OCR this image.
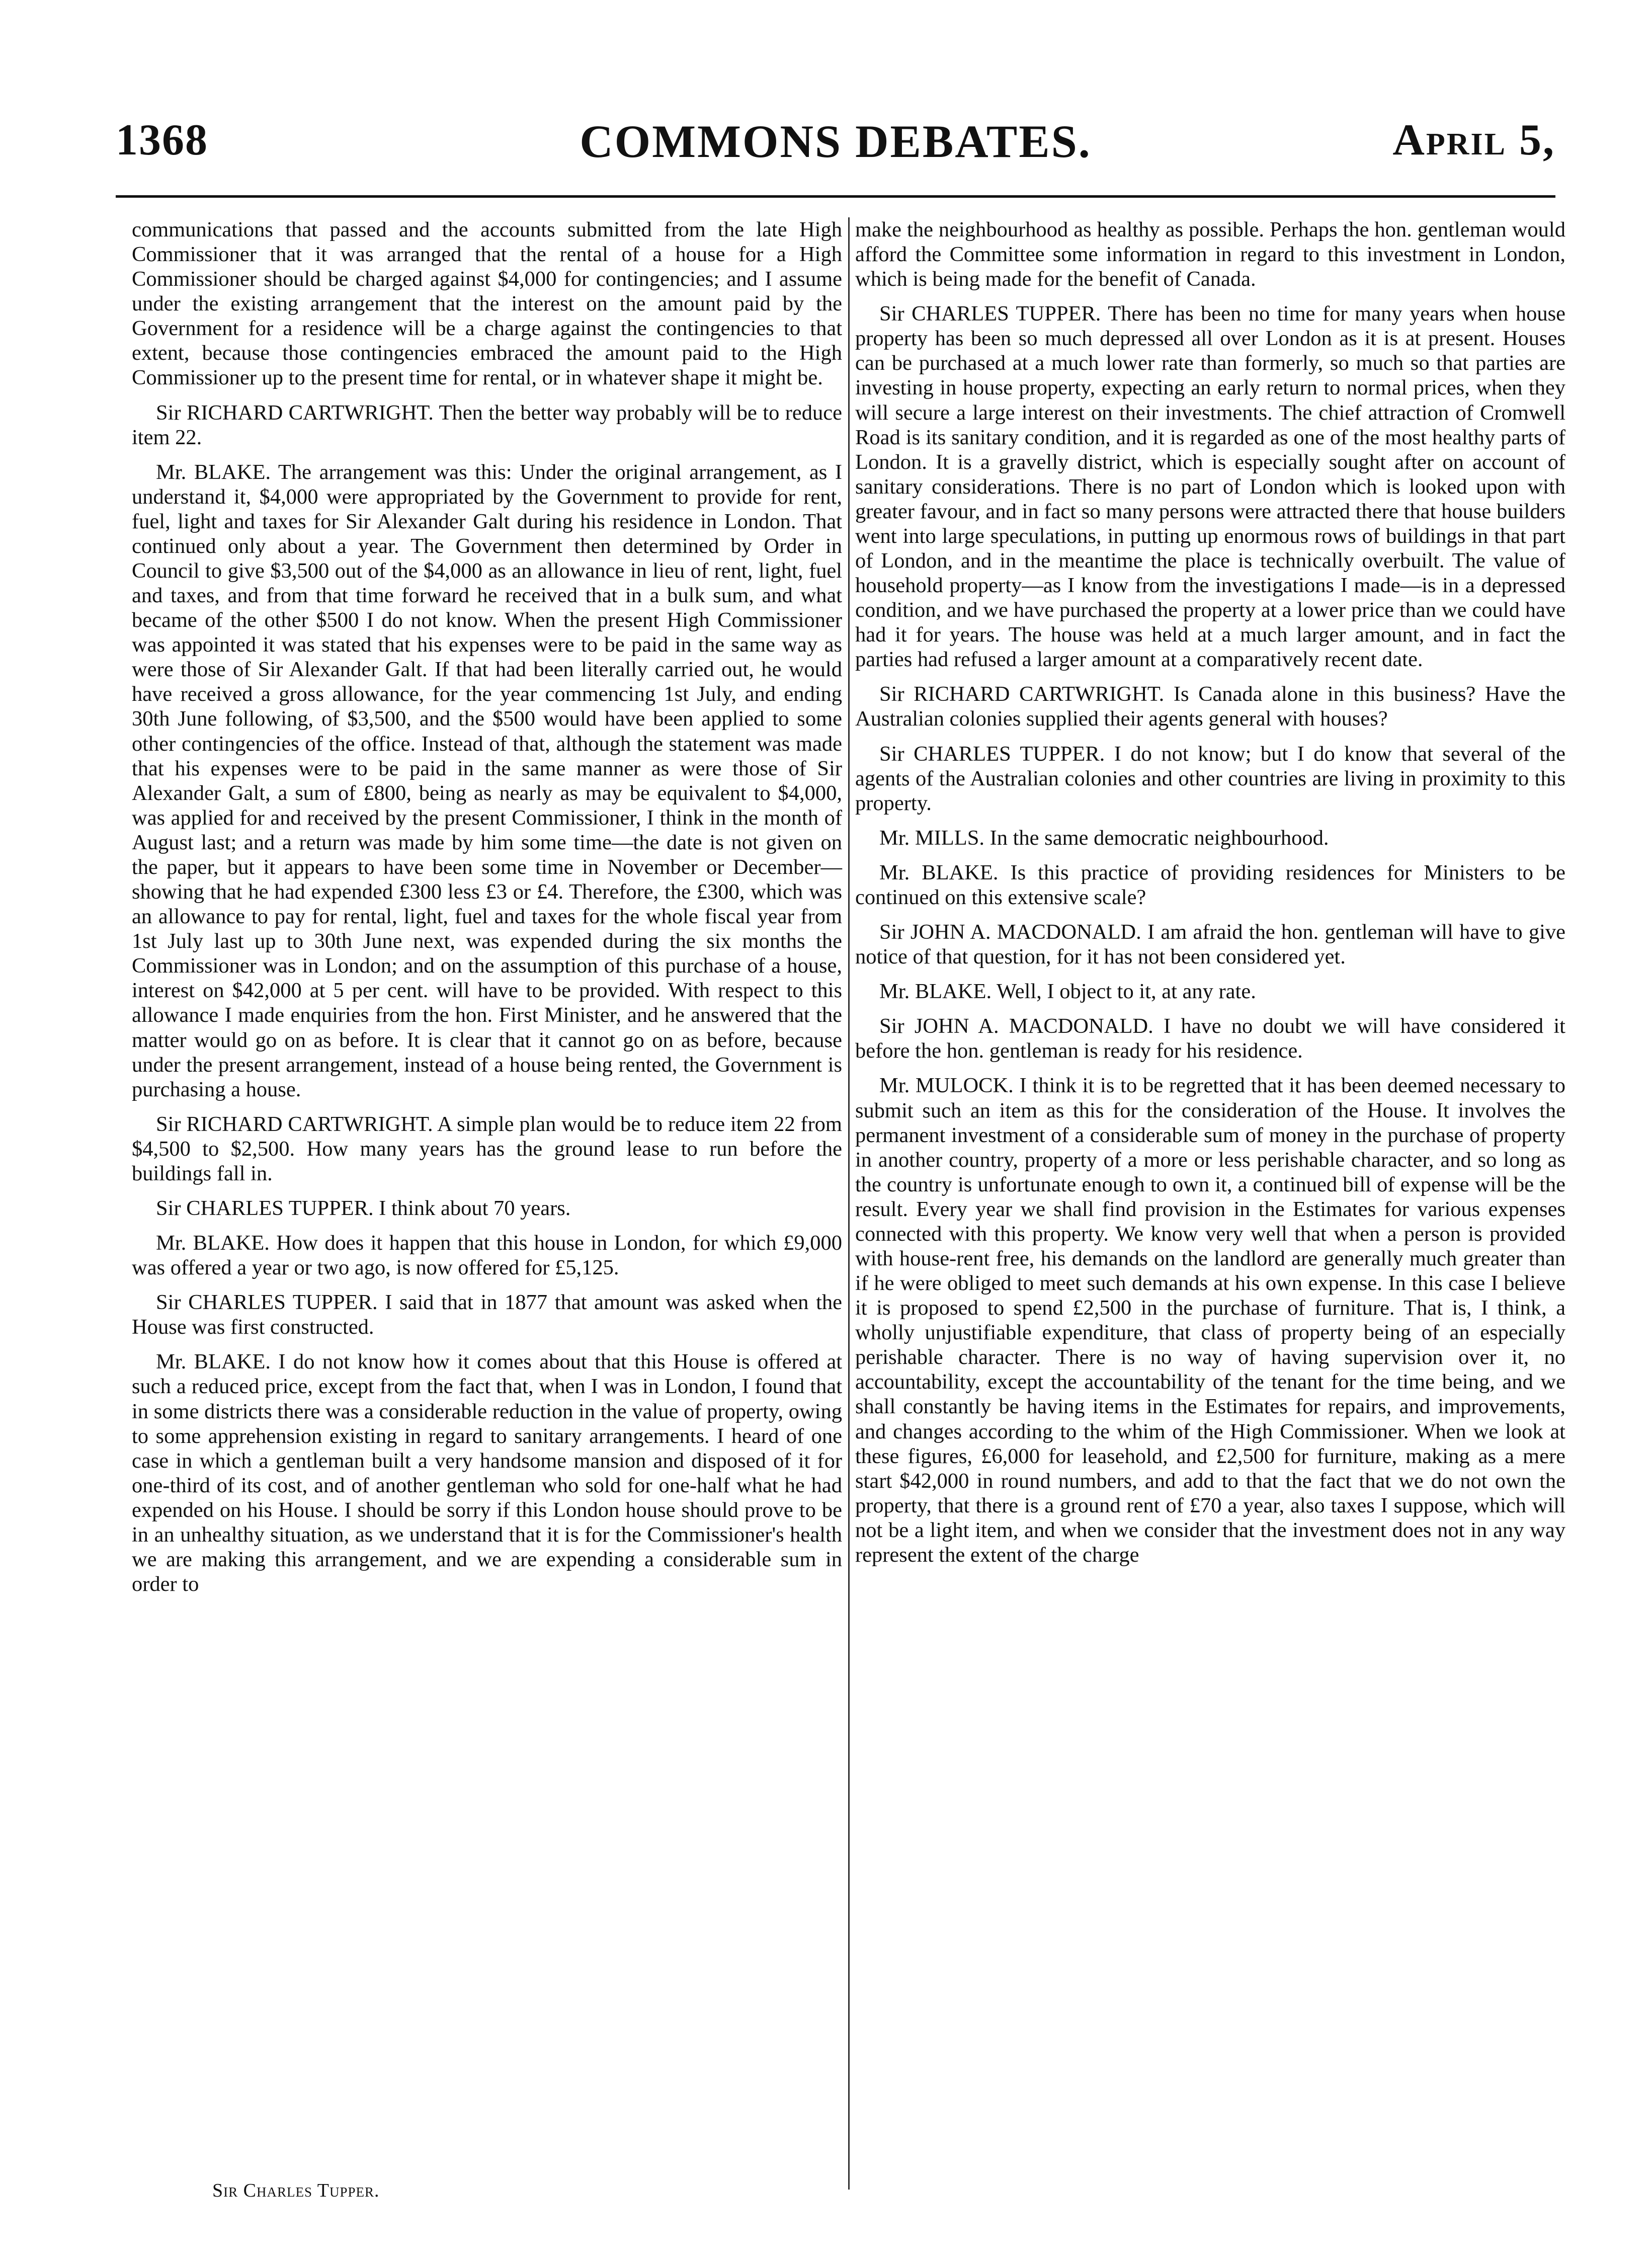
1368	COMMONS DEBATES.	April 5,

communications that passed and the accounts submitted from the late High Commissioner that it was arranged that the rental of a house for a High Commissioner should be charged against $4,000 for contingencies; and I assume under the existing arrangement that the interest on the amount paid by the Government for a residence will be a charge against the contingencies to that extent, because those contingencies embraced the amount paid to the High Commissioner up to the present time for rental, or in whatever shape it might be.

Sir RICHARD CARTWRIGHT. Then the better way probably will be to reduce item 22.

Mr. BLAKE. The arrangement was this: Under the original arrangement, as I understand it, $4,000 were appropriated by the Government to provide for rent, fuel, light and taxes for Sir Alexander Galt during his residence in London. That continued only about a year. The Government then determined by Order in Council to give $3,500 out of the $4,000 as an allowance in lieu of rent, light, fuel and taxes, and from that time forward he received that in a bulk sum, and what became of the other $500 I do not know. When the present High Commissioner was appointed it was stated that his expenses were to be paid in the same way as were those of Sir Alexander Galt. If that had been literally carried out, he would have received a gross allowance, for the year commencing 1st July, and ending 30th June following, of $3,500, and the $500 would have been applied to some other contingencies of the office. Instead of that, although the statement was made that his expenses were to be paid in the same manner as were those of Sir Alexander Galt, a sum of £800, being as nearly as may be equivalent to $4,000, was applied for and received by the present Commissioner, I think in the month of August last; and a return was made by him some time—the date is not given on the paper, but it appears to have been some time in November or December—showing that he had expended £300 less £3 or £4. Therefore, the £300, which was an allowance to pay for rental, light, fuel and taxes for the whole fiscal year from 1st July last up to 30th June next, was expended during the six months the Commissioner was in London; and on the assumption of this purchase of a house, interest on $42,000 at 5 per cent. will have to be provided. With respect to this allowance I made enquiries from the hon. First Minister, and he answered that the matter would go on as before. It is clear that it cannot go on as before, because under the present arrangement, instead of a house being rented, the Government is purchasing a house.

Sir RICHARD CARTWRIGHT. A simple plan would be to reduce item 22 from $4,500 to $2,500. How many years has the ground lease to run before the buildings fall in.

Sir CHARLES TUPPER. I think about 70 years.

Mr. BLAKE. How does it happen that this house in London, for which £9,000 was offered a year or two ago, is now offered for £5,125.

Sir CHARLES TUPPER. I said that in 1877 that amount was asked when the House was first constructed.

Mr. BLAKE. I do not know how it comes about that this House is offered at such a reduced price, except from the fact that, when I was in London, I found that in some districts there was a considerable reduction in the value of property, owing to some apprehension existing in regard to sanitary arrangements. I heard of one case in which a gentleman built a very handsome mansion and disposed of it for one-third of its cost, and of another gentleman who sold for one-half what he had expended on his House. I should be sorry if this London house should prove to be in an unhealthy situation, as we understand that it is for the Commissioner's health we are making this arrangement, and we are expending a considerable sum in order to

make the neighbourhood as healthy as possible. Perhaps the hon. gentleman would afford the Committee some information in regard to this investment in London, which is being made for the benefit of Canada.

Sir CHARLES TUPPER. There has been no time for many years when house property has been so much depressed all over London as it is at present. Houses can be purchased at a much lower rate than formerly, so much so that parties are investing in house property, expecting an early return to normal prices, when they will secure a large interest on their investments. The chief attraction of Cromwell Road is its sanitary condition, and it is regarded as one of the most healthy parts of London. It is a gravelly district, which is especially sought after on account of sanitary considerations. There is no part of London which is looked upon with greater favour, and in fact so many persons were attracted there that house builders went into large speculations, in putting up enormous rows of buildings in that part of London, and in the meantime the place is technically overbuilt. The value of household property—as I know from the investigations I made—is in a depressed condition, and we have purchased the property at a lower price than we could have had it for years. The house was held at a much larger amount, and in fact the parties had refused a larger amount at a comparatively recent date.

Sir RICHARD CARTWRIGHT. Is Canada alone in this business? Have the Australian colonies supplied their agents general with houses?

Sir CHARLES TUPPER. I do not know; but I do know that several of the agents of the Australian colonies and other countries are living in proximity to this property.

Mr. MILLS. In the same democratic neighbourhood.

Mr. BLAKE. Is this practice of providing residences for Ministers to be continued on this extensive scale?

Sir JOHN A. MACDONALD. I am afraid the hon. gentleman will have to give notice of that question, for it has not been considered yet.

Mr. BLAKE. Well, I object to it, at any rate.

Sir JOHN A. MACDONALD. I have no doubt we will have considered it before the hon. gentleman is ready for his residence.

Mr. MULOCK. I think it is to be regretted that it has been deemed necessary to submit such an item as this for the consideration of the House. It involves the permanent investment of a considerable sum of money in the purchase of property in another country, property of a more or less perishable character, and so long as the country is unfortunate enough to own it, a continued bill of expense will be the result. Every year we shall find provision in the Estimates for various expenses connected with this property. We know very well that when a person is provided with house-rent free, his demands on the landlord are generally much greater than if he were obliged to meet such demands at his own expense. In this case I believe it is proposed to spend £2,500 in the purchase of furniture. That is, I think, a wholly unjustifiable expenditure, that class of property being of an especially perishable character. There is no way of having supervision over it, no accountability, except the accountability of the tenant for the time being, and we shall constantly be having items in the Estimates for repairs, and improvements, and changes according to the whim of the High Commissioner. When we look at these figures, £6,000 for leasehold, and £2,500 for furniture, making as a mere start $42,000 in round numbers, and add to that the fact that we do not own the property, that there is a ground rent of £70 a year, also taxes I suppose, which will not be a light item, and when we consider that the investment does not in any way represent the extent of the charge

Sir Charles Tupper.
